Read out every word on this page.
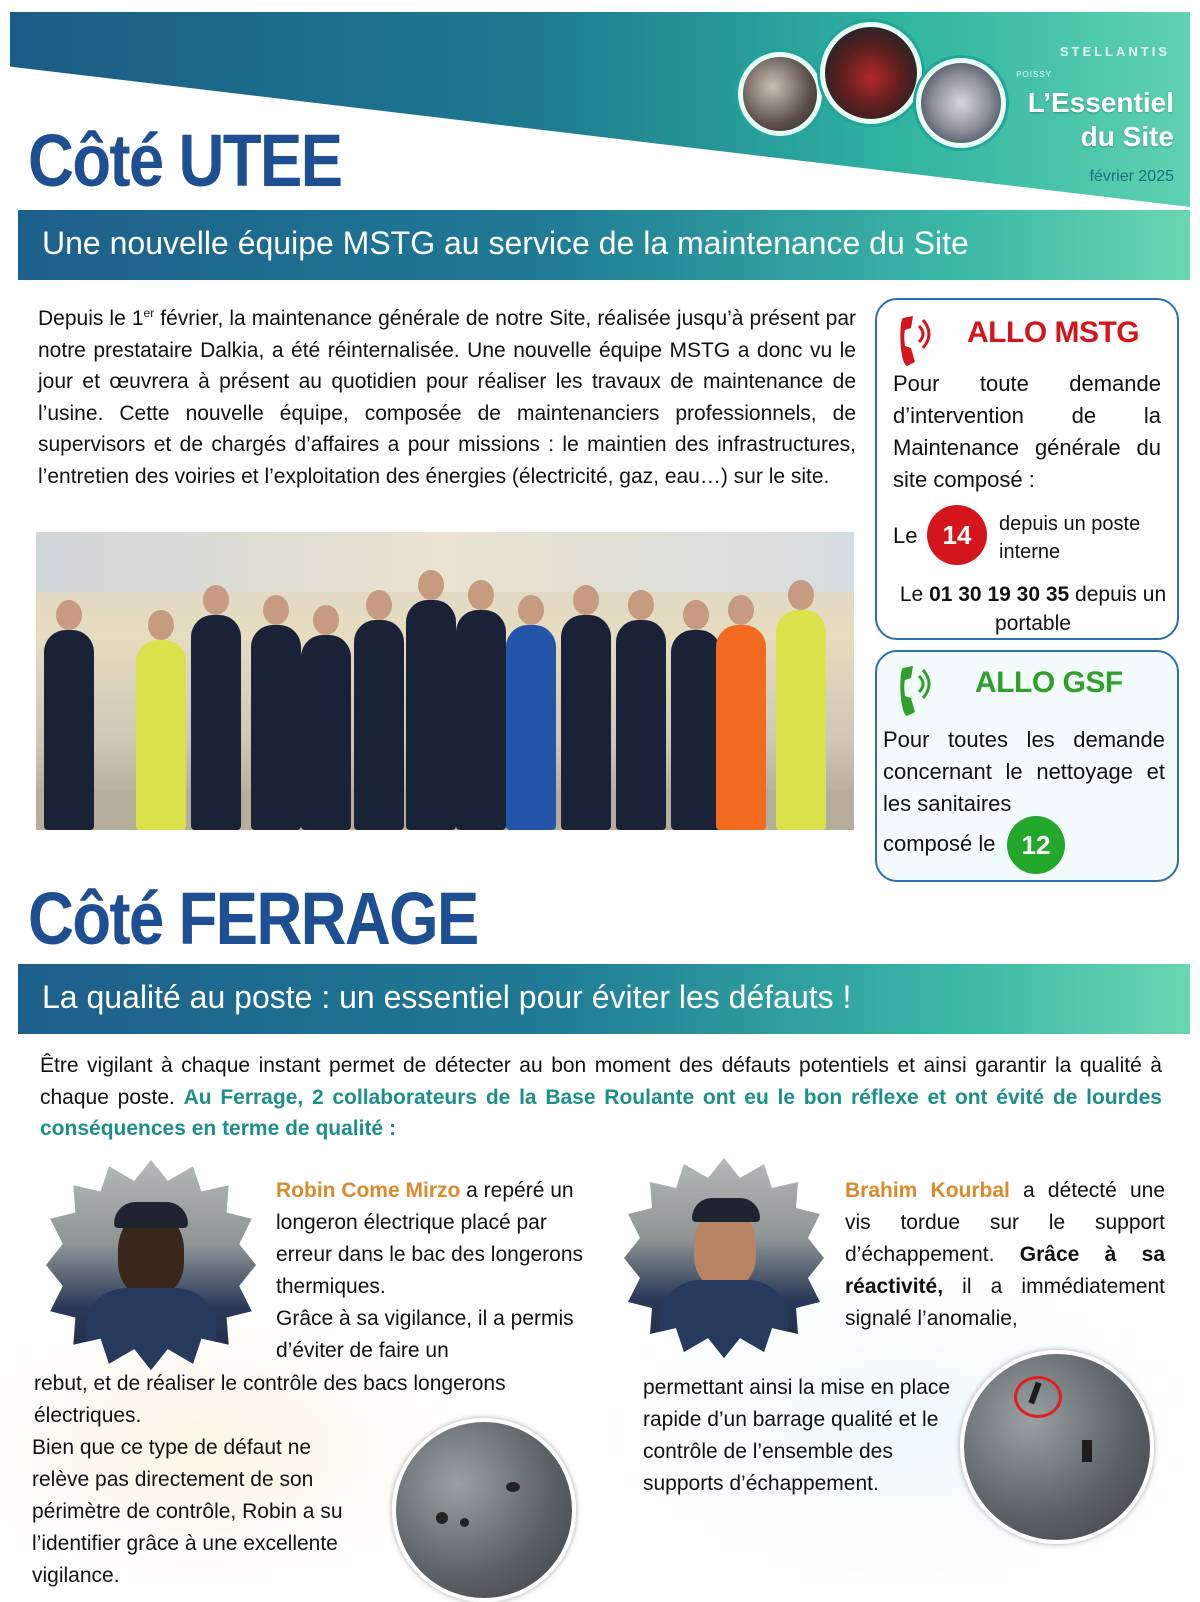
STELLANTIS
POISSY
L’Essentiel du Site
février 2025
Côté UTEE
Une nouvelle équipe MSTG au service de la maintenance du Site

Depuis le 1er février, la maintenance générale de notre Site, réalisée jusqu’à présent par notre prestataire Dalkia, a été réinternalisée. Une nouvelle équipe MSTG a donc vu le jour et œuvrera à présent au quotidien pour réaliser les travaux de maintenance de l’usine. Cette nouvelle équipe, composée de maintenanciers professionnels, de supervisors et de chargés d’affaires a pour missions : le maintien des infrastructures, l’entretien des voiries et l’exploitation des énergies (électricité, gaz, eau…) sur le site.

ALLO MSTG
Pour toute demande d’intervention de la Maintenance générale du site composé :
Le 14	depuis un poste interne
Le 01 30 19 30 35 depuis un portable
ALLO GSF
Pour toutes les demande concernant le nettoyage et les sanitaires
composé le	12
Côté FERRAGE
La qualité au poste : un essentiel pour éviter les défauts !

Être vigilant à chaque instant permet de détecter au bon moment des défauts potentiels et ainsi garantir la qualité à chaque poste. Au Ferrage, 2 collaborateurs de la Base Roulante ont eu le bon réflexe et ont évité de lourdes conséquences en terme de qualité :

Robin Come Mirzo a repéré un longeron électrique placé par erreur dans le bac des longerons thermiques.
Grâce à sa vigilance, il a permis d’éviter de faire un
rebut, et de réaliser le contrôle des bacs longerons électriques.
Bien que ce type de défaut ne relève pas directement de son périmètre de contrôle, Robin a su l’identifier grâce à une excellente vigilance.
Brahim Kourbal a détecté une vis tordue sur le support d’échappement. Grâce à sa réactivité, il a immédiatement signalé l’anomalie,
permettant ainsi la mise en place rapide d’un barrage qualité et le contrôle de l’ensemble des supports d’échappement.
